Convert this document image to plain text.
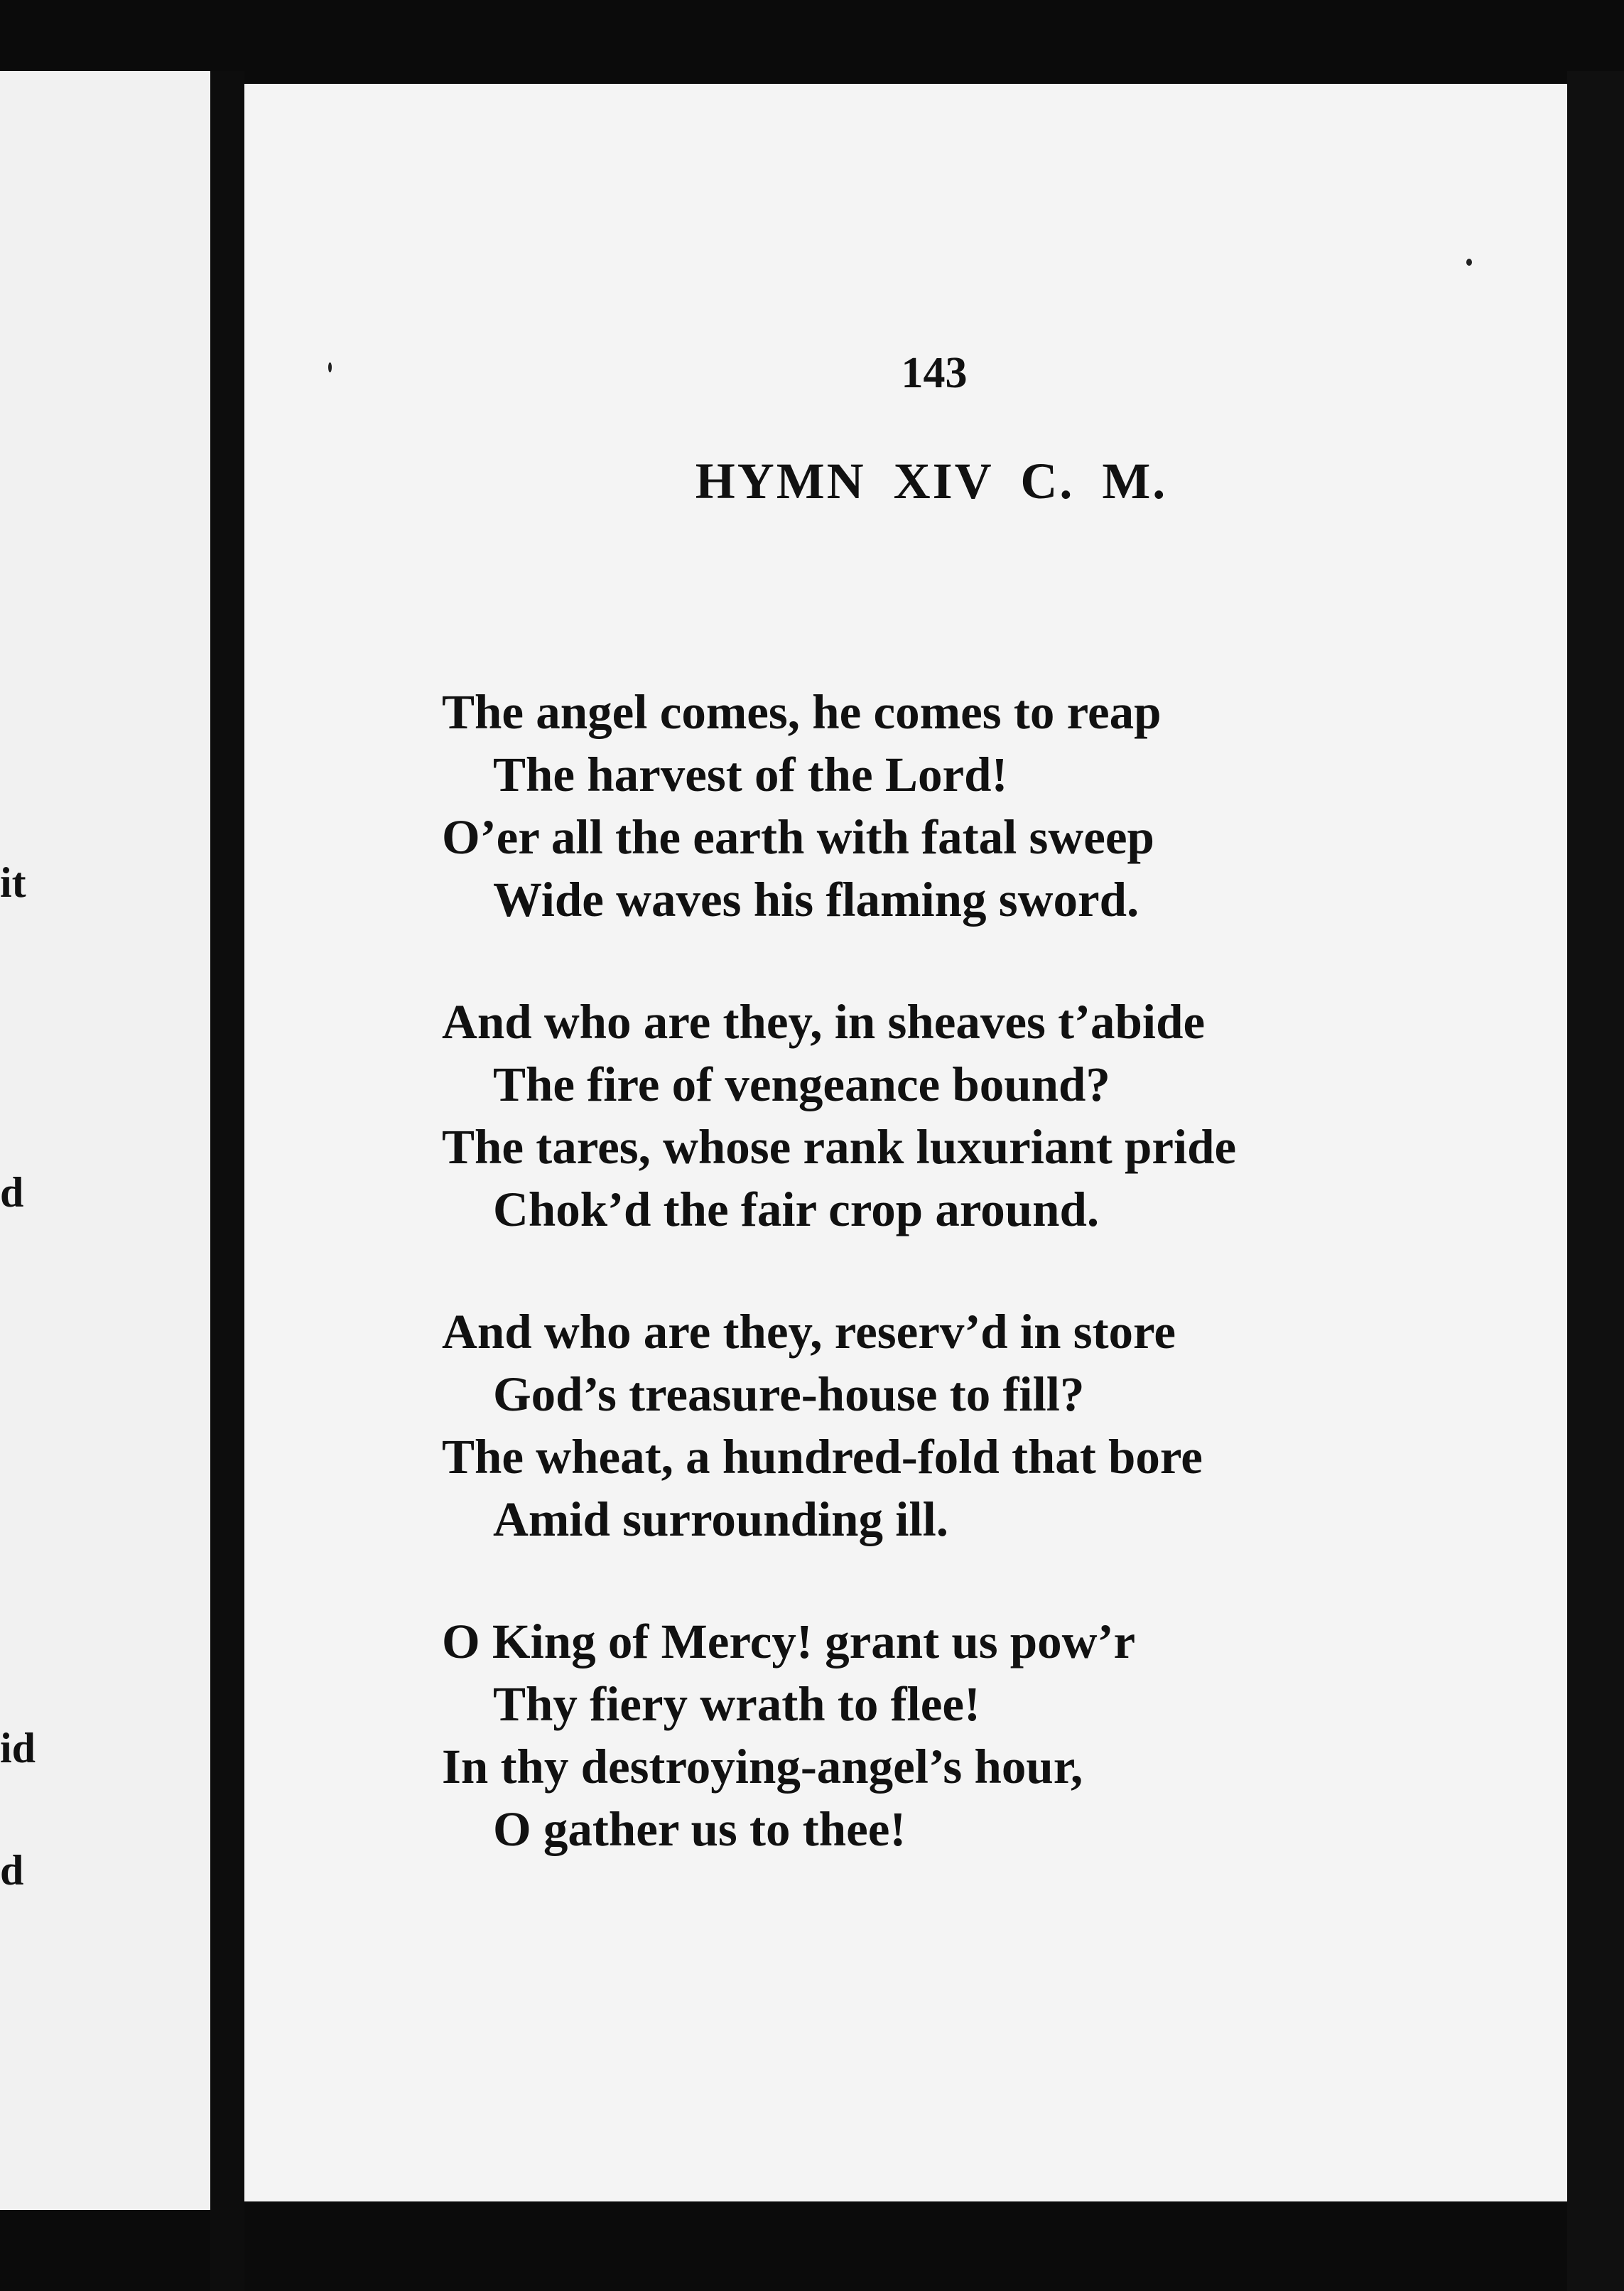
it
d
id
d
143
HYMN XIV C. M.
The angel comes, he comes to reap
The harvest of the Lord!
O’er all the earth with fatal sweep
Wide waves his flaming sword.
And who are they, in sheaves t’abide
The fire of vengeance bound?
The tares, whose rank luxuriant pride
Chok’d the fair crop around.
And who are they, reserv’d in store
God’s treasure-house to fill?
The wheat, a hundred-fold that bore
Amid surrounding ill.
O King of Mercy! grant us pow’r
Thy fiery wrath to flee!
In thy destroying-angel’s hour,
O gather us to thee!
